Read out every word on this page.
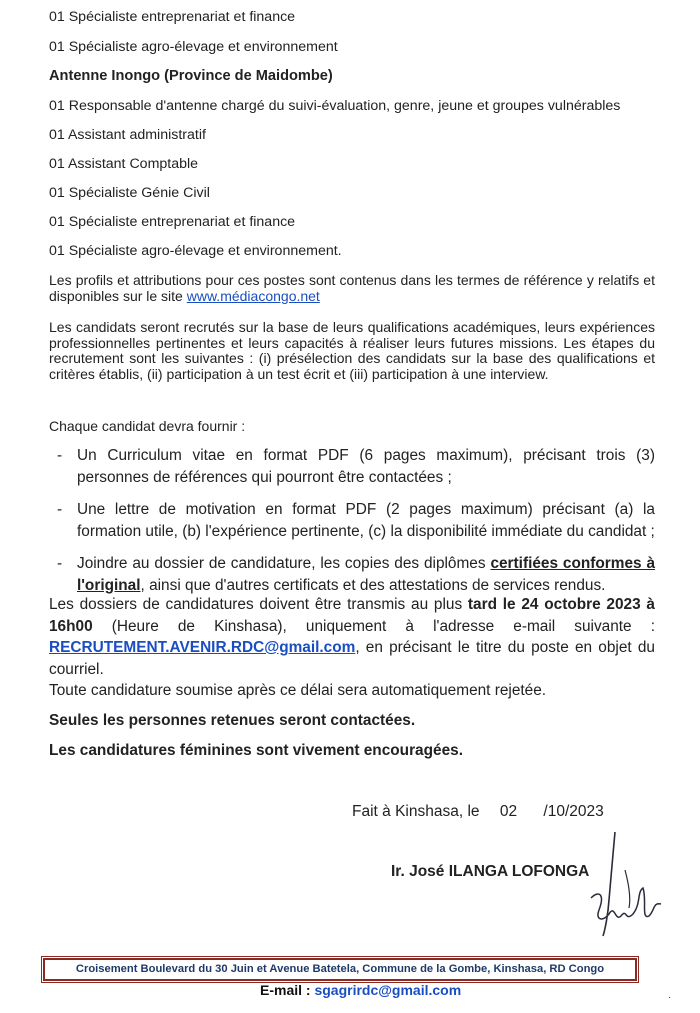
01 Spécialiste entreprenariat et finance
01 Spécialiste agro-élevage et environnement
Antenne Inongo (Province de Maidombe)
01 Responsable d'antenne chargé du suivi-évaluation, genre, jeune et groupes vulnérables
01 Assistant administratif
01 Assistant Comptable
01 Spécialiste Génie Civil
01 Spécialiste entreprenariat et finance
01 Spécialiste agro-élevage et environnement.
Les profils et attributions pour ces postes sont contenus dans les termes de référence y relatifs et disponibles sur le site www.médiacongo.net
Les candidats seront recrutés sur la base de leurs qualifications académiques, leurs expériences professionnelles pertinentes et leurs capacités à réaliser leurs futures missions. Les étapes du recrutement sont les suivantes : (i) présélection des candidats sur la base des qualifications et critères établis, (ii) participation à un test écrit et (iii) participation à une interview.
Chaque candidat devra fournir :
- Un Curriculum vitae en format PDF (6 pages maximum), précisant trois (3) personnes de références qui pourront être contactées ;
- Une lettre de motivation en format PDF (2 pages maximum) précisant (a) la formation utile, (b) l'expérience pertinente, (c) la disponibilité immédiate du candidat ;
- Joindre au dossier de candidature, les copies des diplômes certifiées conformes à l'original, ainsi que d'autres certificats et des attestations de services rendus.
Les dossiers de candidatures doivent être transmis au plus tard le 24 octobre 2023 à 16h00 (Heure de Kinshasa), uniquement à l'adresse e-mail suivante : RECRUTEMENT.AVENIR.RDC@gmail.com, en précisant le titre du poste en objet du courriel.
Toute candidature soumise après ce délai sera automatiquement rejetée.
Seules les personnes retenues seront contactées.
Les candidatures féminines sont vivement encouragées.
Fait à Kinshasa, le 02 /10/2023
Ir. José ILANGA LOFONGA
Croisement Boulevard du 30 Juin et Avenue Batetela, Commune de la Gombe, Kinshasa, RD Congo
E-mail : sgagrirdc@gmail.com	·
